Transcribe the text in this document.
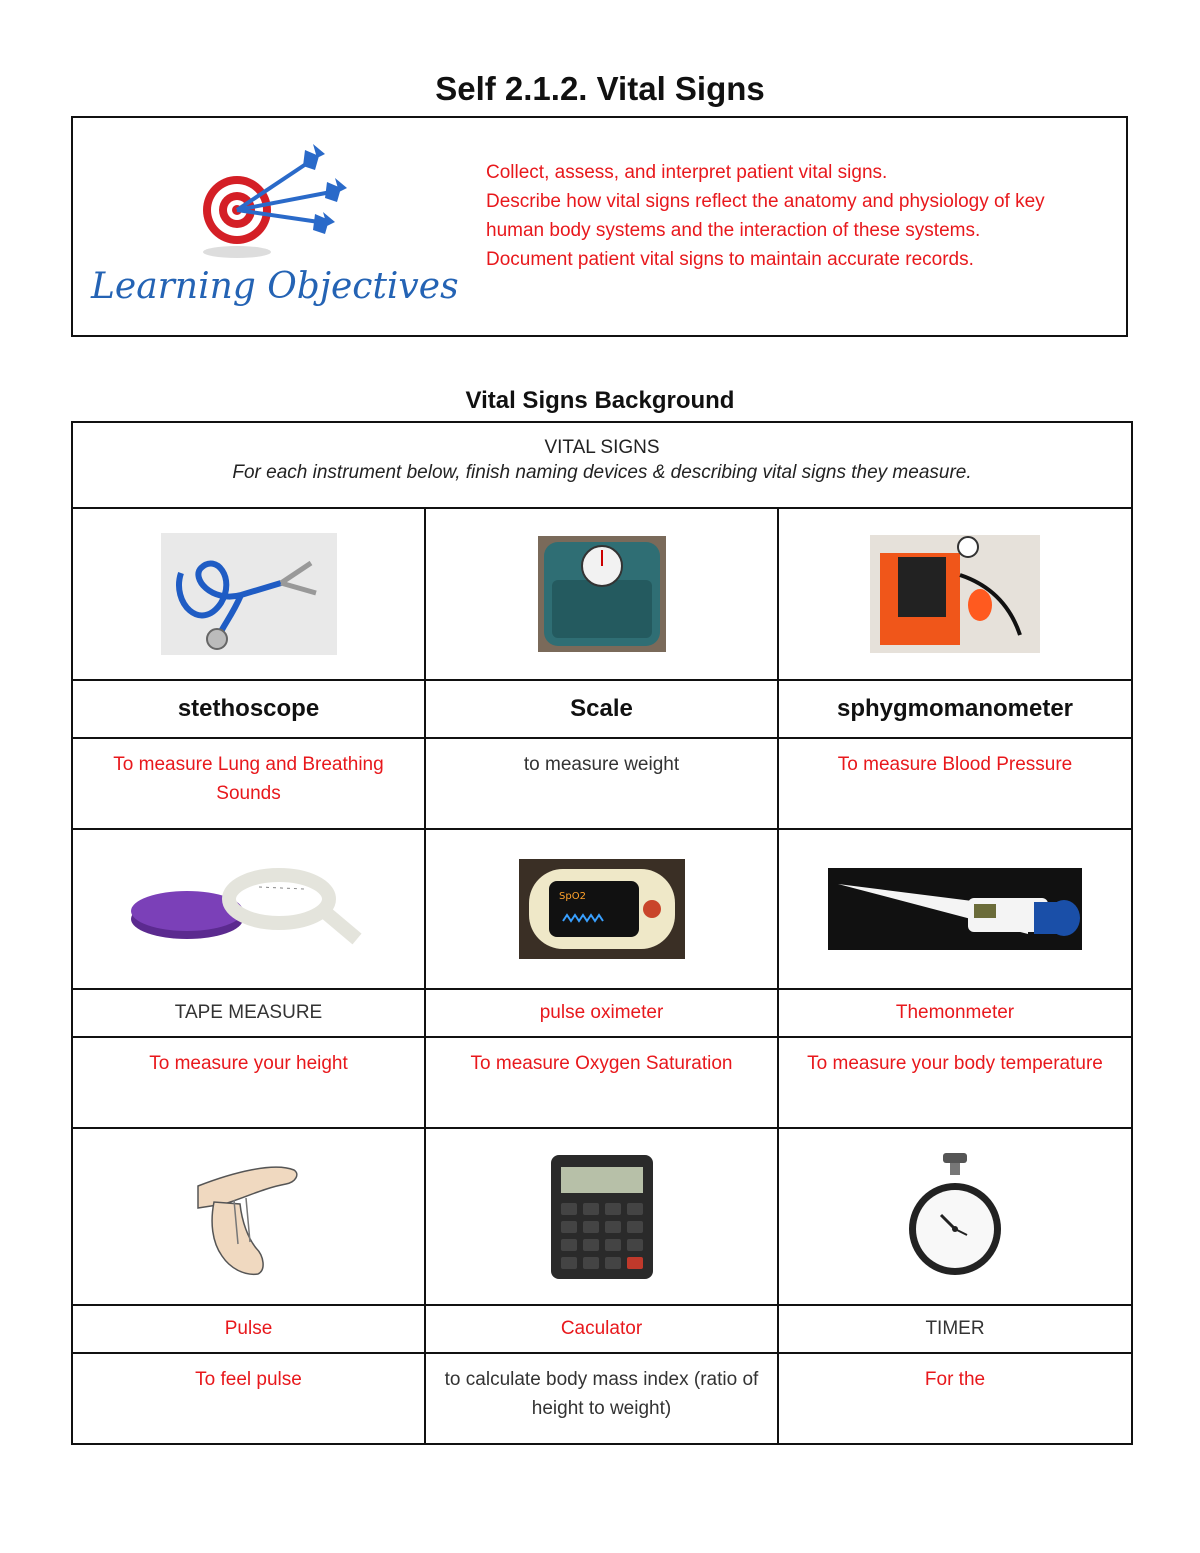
Self 2.1.2. Vital Signs
Learning Objectives
Collect, assess, and interpret patient vital signs.
Describe how vital signs reflect the anatomy and physiology of key
human body systems and the interaction of these systems.
Document patient vital signs to maintain accurate records.
Vital Signs Background
VITAL SIGNS
For each instrument below, finish naming devices & describing vital signs they measure.		

stethoscope	Scale	sphygmomanometer
To measure Lung and Breathing Sounds	to measure weight	To measure Blood Pressure

SpO2

TAPE MEASURE	pulse oximeter	Themonmeter
To measure your height	To measure Oxygen Saturation	To measure your body temperature

Pulse	Caculator	TIMER
To feel pulse	to calculate body mass index (ratio of height to weight)	For the
